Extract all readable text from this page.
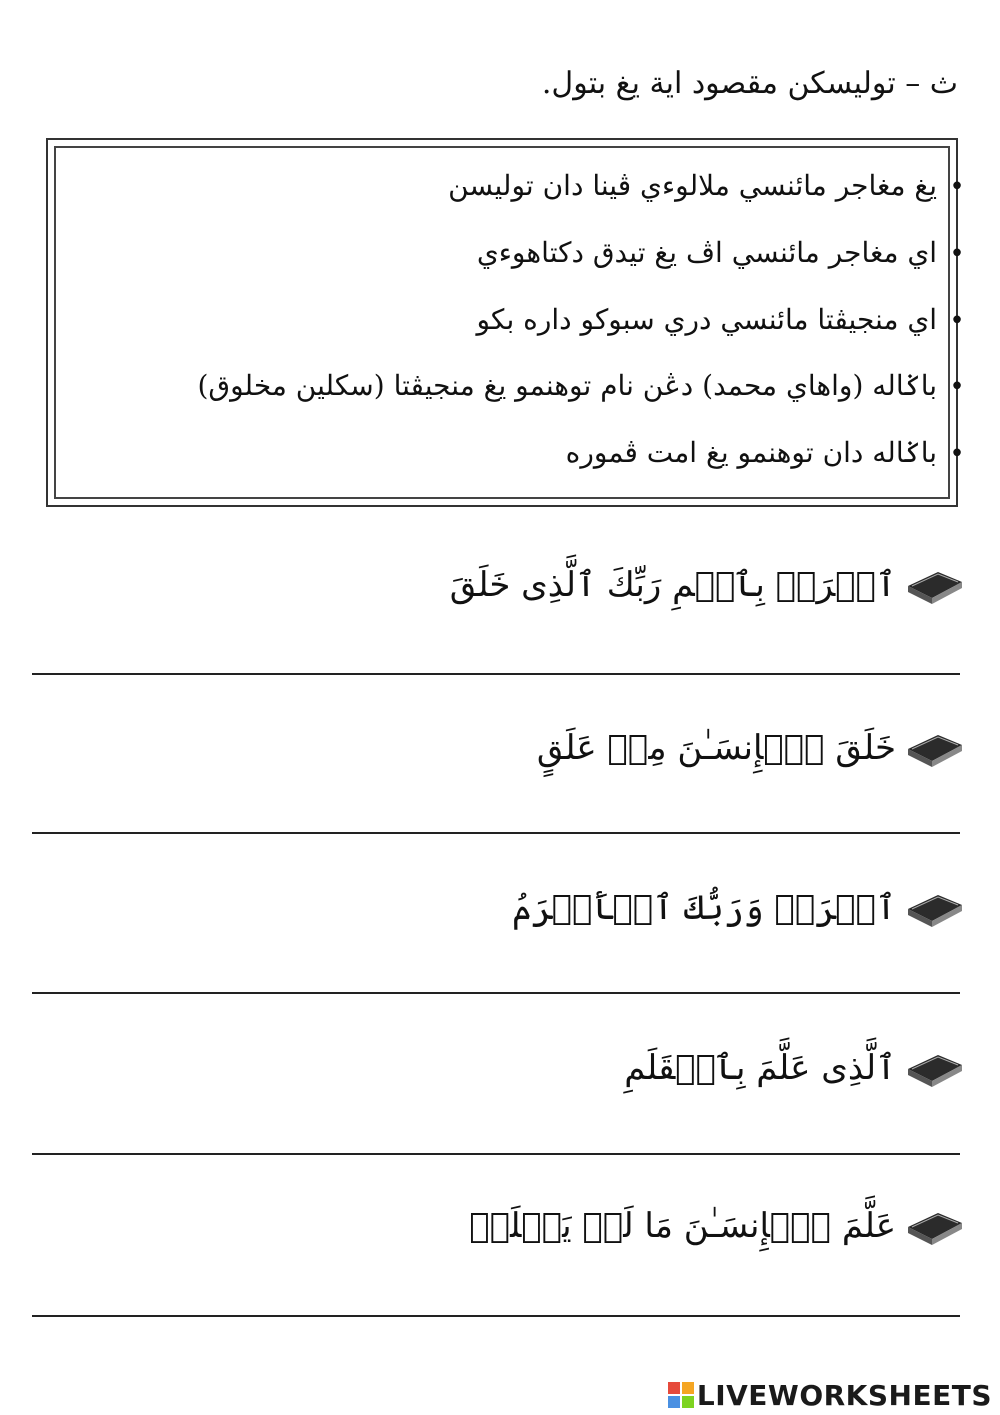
ث – توليسكن مقصود اية يغ بتول.
• يغ مغاجر مائنسي ملالوءي ڤينا دان توليسن
• اي مغاجر مائنسي اڤ يغ تيدق دكتاهوءي
• اي منجيڤتا مائنسي دري سبوكو داره بكو
• باݢاله (واهاي محمد) دڠن نام توهنمو يغ منجيڤتا (سكلين مخلوق)
• باݢاله دان توهنمو يغ امت ڤموره
ٱقۡرَأۡ بِٱسۡمِ رَبِّكَ ٱلَّذِى خَلَقَ
خَلَقَ ٱلۡإِنسَـٰنَ مِنۡ عَلَقٍ
ٱقۡرَأۡ وَرَبُّكَ ٱلۡأَكۡرَمُ
ٱلَّذِى عَلَّمَ بِٱلۡقَلَمِ
عَلَّمَ ٱلۡإِنسَـٰنَ مَا لَمۡ يَعۡلَمۡ
LIVEWORKSHEETS
